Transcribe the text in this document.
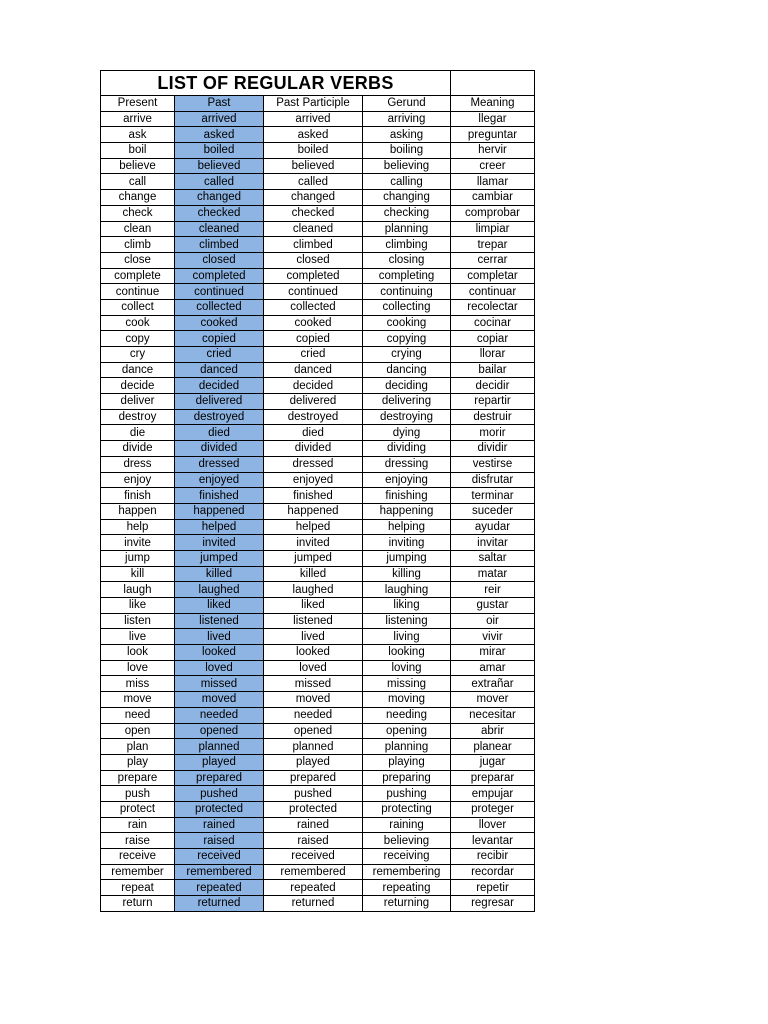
LIST OF REGULAR VERBS				
Present	Past	Past Participle	Gerund	Meaning
arrive	arrived	arrived	arriving	llegar
ask	asked	asked	asking	preguntar
boil	boiled	boiled	boiling	hervir
believe	believed	believed	believing	creer
call	called	called	calling	llamar
change	changed	changed	changing	cambiar
check	checked	checked	checking	comprobar
clean	cleaned	cleaned	planning	limpiar
climb	climbed	climbed	climbing	trepar
close	closed	closed	closing	cerrar
complete	completed	completed	completing	completar
continue	continued	continued	continuing	continuar
collect	collected	collected	collecting	recolectar
cook	cooked	cooked	cooking	cocinar
copy	copied	copied	copying	copiar
cry	cried	cried	crying	llorar
dance	danced	danced	dancing	bailar
decide	decided	decided	deciding	decidir
deliver	delivered	delivered	delivering	repartir
destroy	destroyed	destroyed	destroying	destruir
die	died	died	dying	morir
divide	divided	divided	dividing	dividir
dress	dressed	dressed	dressing	vestirse
enjoy	enjoyed	enjoyed	enjoying	disfrutar
finish	finished	finished	finishing	terminar
happen	happened	happened	happening	suceder
help	helped	helped	helping	ayudar
invite	invited	invited	inviting	invitar
jump	jumped	jumped	jumping	saltar
kill	killed	killed	killing	matar
laugh	laughed	laughed	laughing	reir
like	liked	liked	liking	gustar
listen	listened	listened	listening	oir
live	lived	lived	living	vivir
look	looked	looked	looking	mirar
love	loved	loved	loving	amar
miss	missed	missed	missing	extrañar
move	moved	moved	moving	mover
need	needed	needed	needing	necesitar
open	opened	opened	opening	abrir
plan	planned	planned	planning	planear
play	played	played	playing	jugar
prepare	prepared	prepared	preparing	preparar
push	pushed	pushed	pushing	empujar
protect	protected	protected	protecting	proteger
rain	rained	rained	raining	llover
raise	raised	raised	believing	levantar
receive	received	received	receiving	recibir
remember	remembered	remembered	remembering	recordar
repeat	repeated	repeated	repeating	repetir
return	returned	returned	returning	regresar
